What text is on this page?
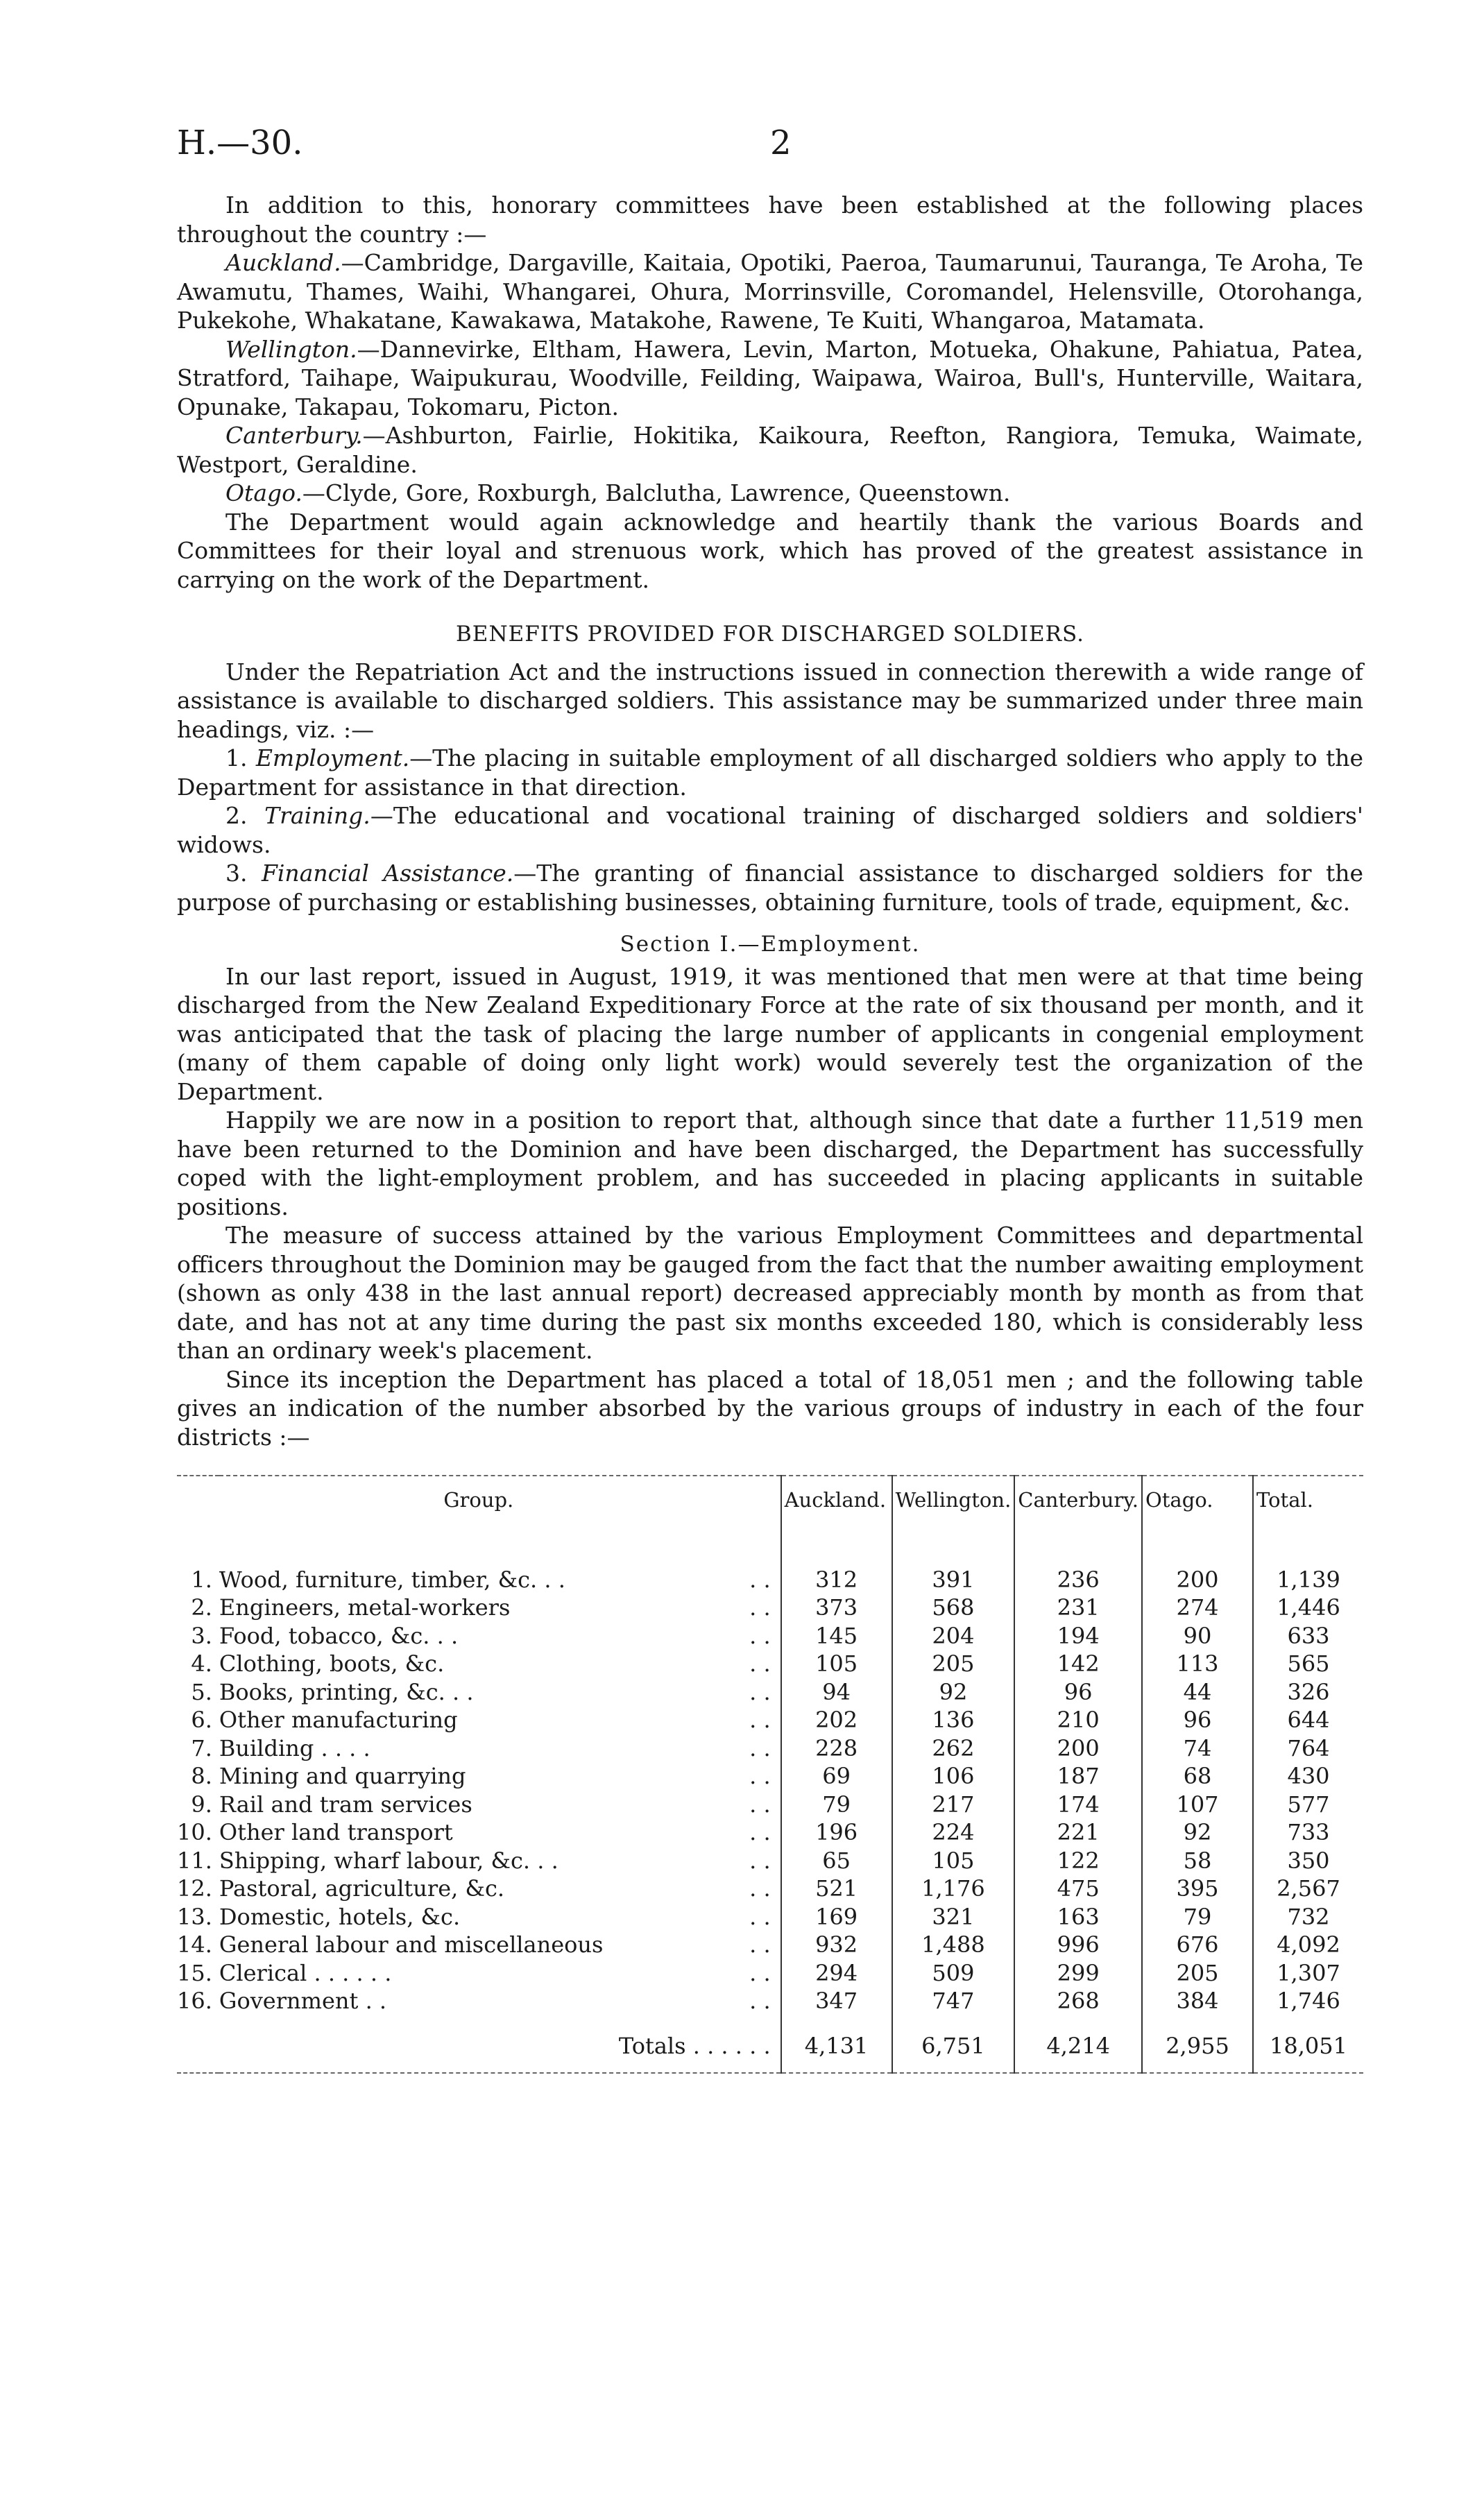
H.—30.	2

In addition to this, honorary committees have been established at the following places throughout the country :—

Auckland.—Cambridge, Dargaville, Kaitaia, Opotiki, Paeroa, Taumarunui, Tauranga, Te Aroha, Te Awamutu, Thames, Waihi, Whangarei, Ohura, Morrinsville, Coromandel, Helensville, Otorohanga, Pukekohe, Whakatane, Kawakawa, Matakohe, Rawene, Te Kuiti, Whangaroa, Matamata.

Wellington.—Dannevirke, Eltham, Hawera, Levin, Marton, Motueka, Ohakune, Pahiatua, Patea, Stratford, Taihape, Waipukurau, Woodville, Feilding, Waipawa, Wairoa, Bull's, Hunterville, Waitara, Opunake, Takapau, Tokomaru, Picton.

Canterbury.—Ashburton, Fairlie, Hokitika, Kaikoura, Reefton, Rangiora, Temuka, Waimate, Westport, Geraldine.

Otago.—Clyde, Gore, Roxburgh, Balclutha, Lawrence, Queenstown.

The Department would again acknowledge and heartily thank the various Boards and Committees for their loyal and strenuous work, which has proved of the greatest assistance in carrying on the work of the Department.

BENEFITS PROVIDED FOR DISCHARGED SOLDIERS.

Under the Repatriation Act and the instructions issued in connection therewith a wide range of assistance is available to discharged soldiers. This assistance may be summarized under three main headings, viz. :—

1. Employment.—The placing in suitable employment of all discharged soldiers who apply to the Department for assistance in that direction.

2. Training.—The educational and vocational training of discharged soldiers and soldiers' widows.

3. Financial Assistance.—The granting of financial assistance to discharged soldiers for the purpose of purchasing or establishing businesses, obtaining furniture, tools of trade, equipment, &c.

Section I.—Employment.

In our last report, issued in August, 1919, it was mentioned that men were at that time being discharged from the New Zealand Expeditionary Force at the rate of six thousand per month, and it was anticipated that the task of placing the large number of applicants in congenial employment (many of them capable of doing only light work) would severely test the organization of the Department.

Happily we are now in a position to report that, although since that date a further 11,519 men have been returned to the Dominion and have been discharged, the Department has successfully coped with the light-employment problem, and has succeeded in placing applicants in suitable positions.

The measure of success attained by the various Employment Committees and departmental officers throughout the Dominion may be gauged from the fact that the number awaiting employment (shown as only 438 in the last annual report) decreased appreciably month by month as from that date, and has not at any time during the past six months exceeded 180, which is considerably less than an ordinary week's placement.

Since its inception the Department has placed a total of 18,051 men ; and the following table gives an indication of the number absorbed by the various groups of industry in each of the four districts :—

Group.		Auckland.	Wellington.	Canterbury.	Otago.	Total.
1.	Wood, furniture, timber, &c. . . . .	312	391	236	200	1,139
2.	Engineers, metal-workers . .	373	568	231	274	1,446
3.	Food, tobacco, &c. . . . .	145	204	194	90	633
4.	Clothing, boots, &c. . .	105	205	142	113	565
5.	Books, printing, &c. . . . .	94	92	96	44	326
6.	Other manufacturing . .	202	136	210	96	644
7.	Building . . . . . .	228	262	200	74	764
8.	Mining and quarrying . .	69	106	187	68	430
9.	Rail and tram services . .	79	217	174	107	577
10.	Other land transport . .	196	224	221	92	733
11.	Shipping, wharf labour, &c. . . . .	65	105	122	58	350
12.	Pastoral, agriculture, &c. . .	521	1,176	475	395	2,567
13.	Domestic, hotels, &c. . .	169	321	163	79	732
14.	General labour and miscellaneous . .	932	1,488	996	676	4,092
15.	Clerical . . . . . . . .	294	509	299	205	1,307
16.	Government . . . .	347	747	268	384	1,746
	Totals . . . . . .	4,131	6,751	4,214	2,955	18,051
